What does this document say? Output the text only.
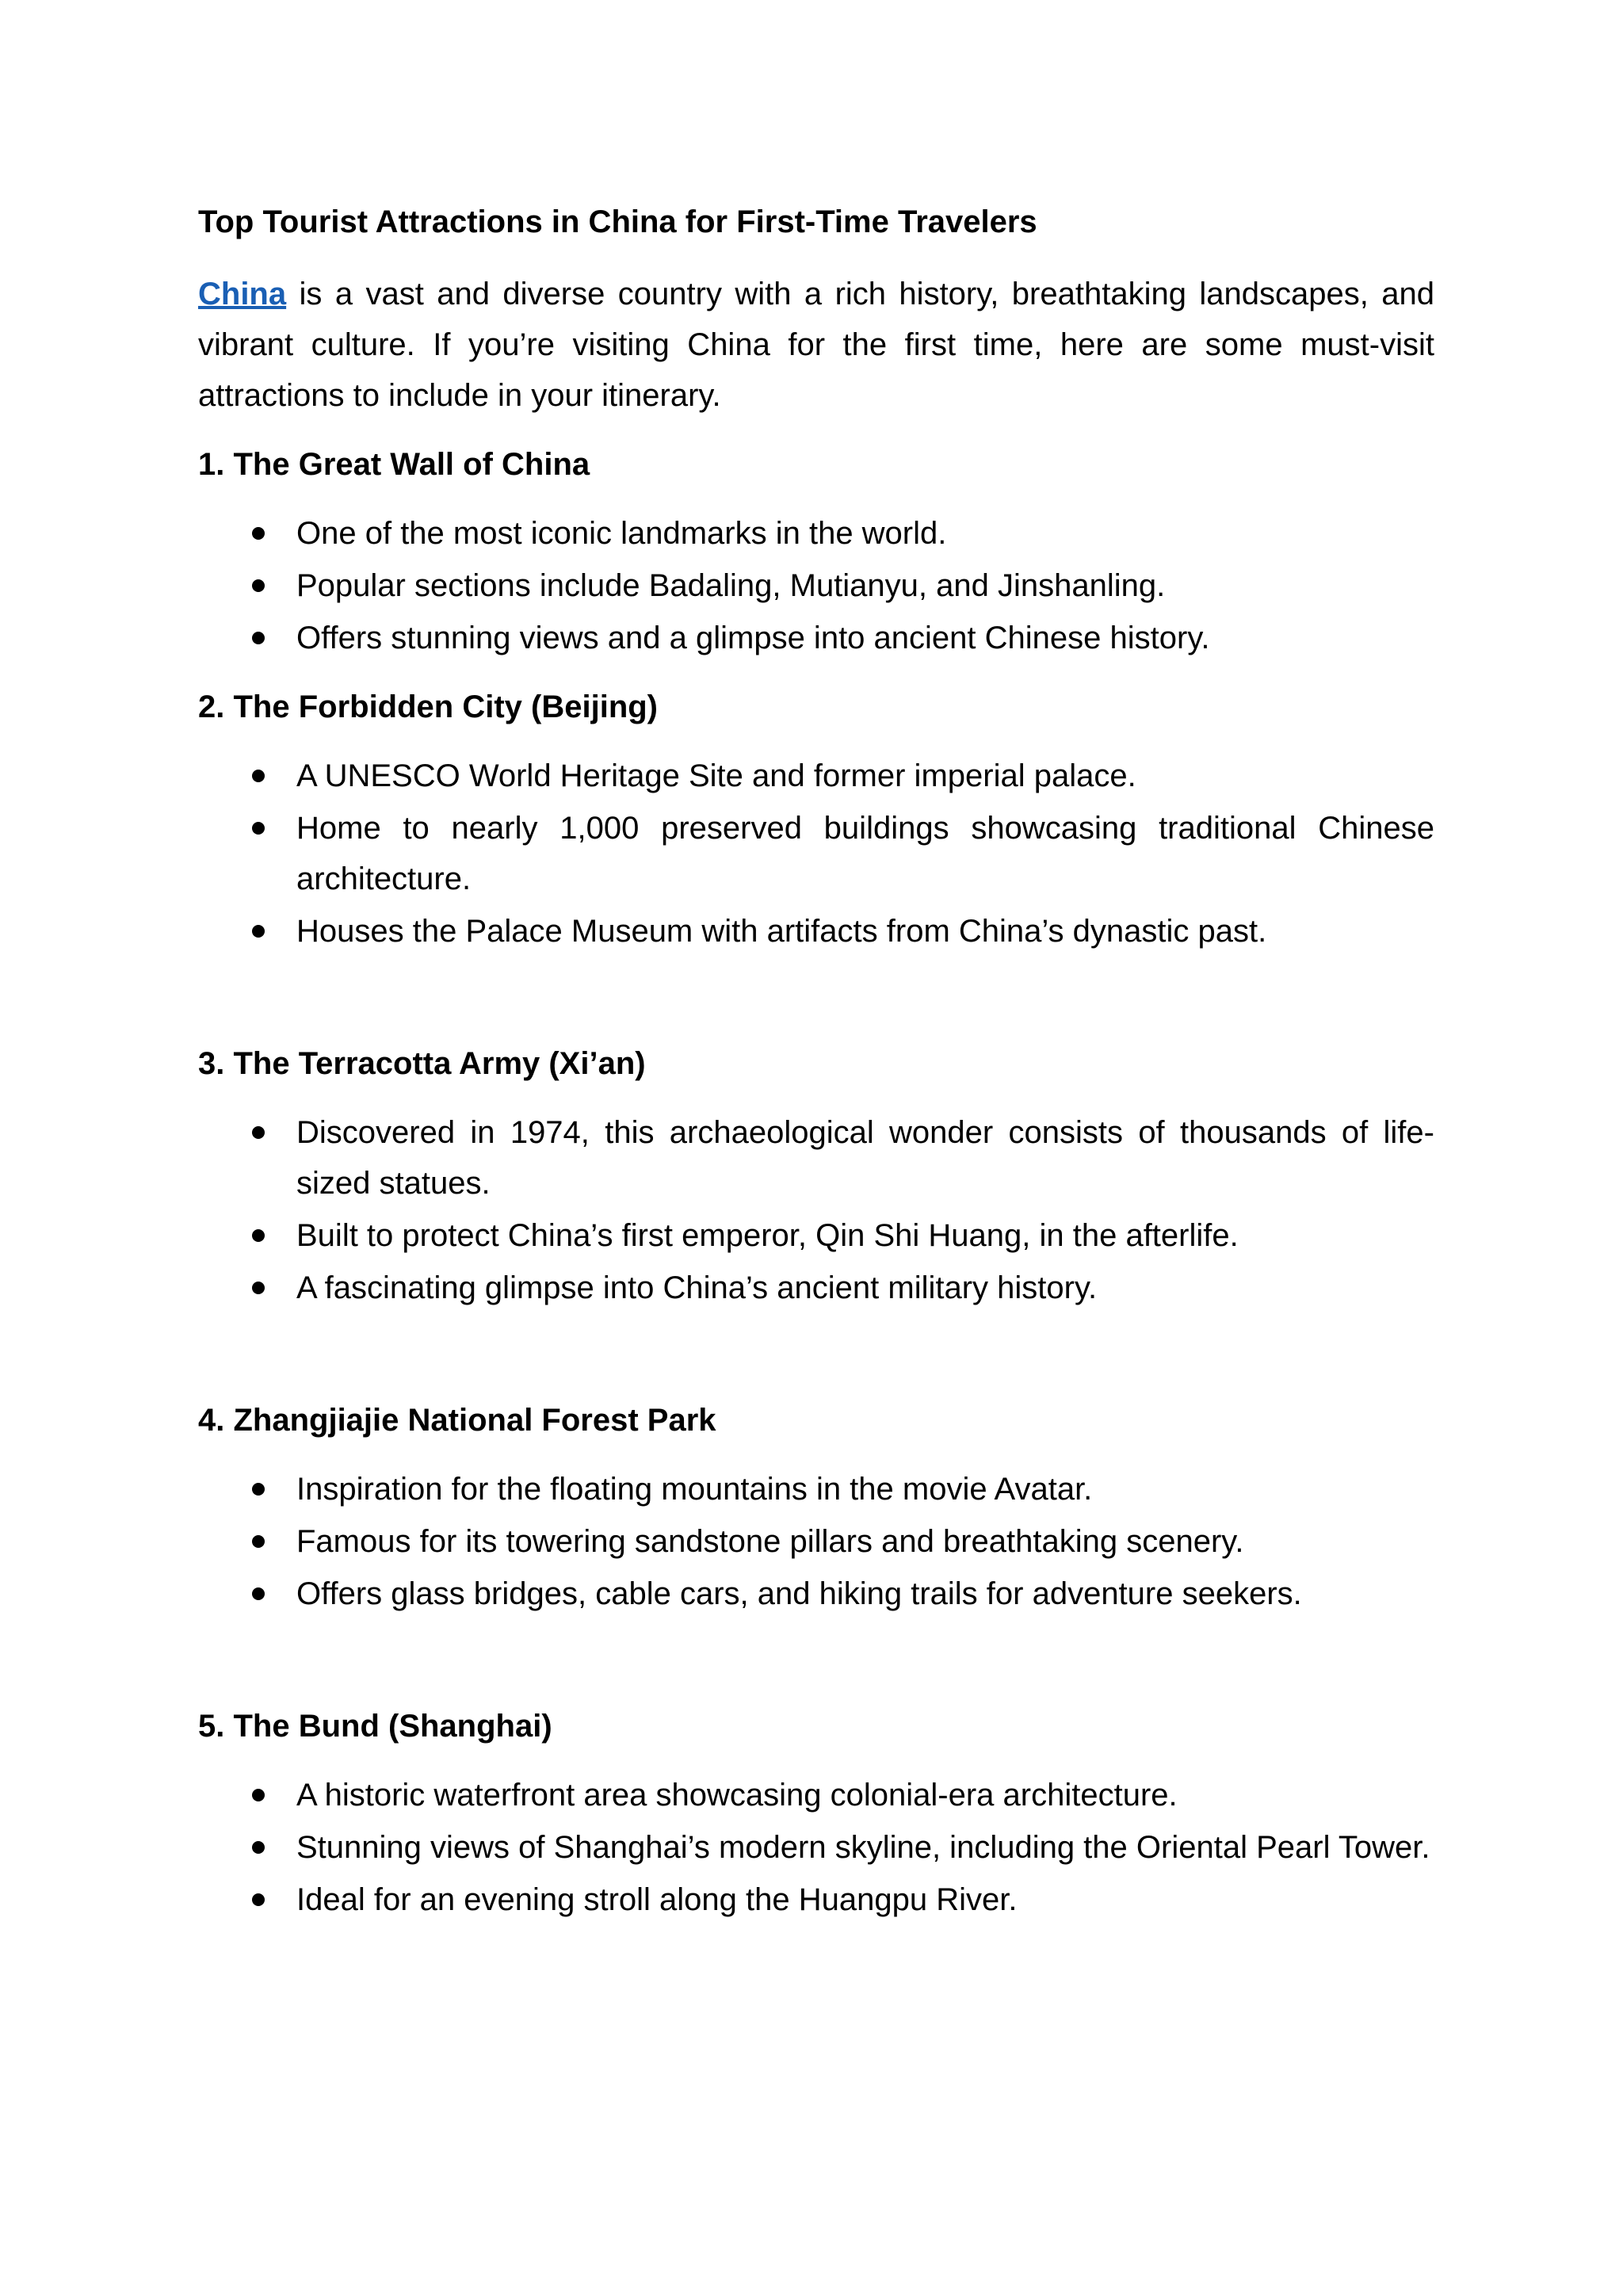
Top Tourist Attractions in China for First-Time Travelers

China is a vast and diverse country with a rich history, breathtaking landscapes, and vibrant culture. If you’re visiting China for the first time, here are some must-visit attractions to include in your itinerary.

1. The Great Wall of China
One of the most iconic landmarks in the world.
Popular sections include Badaling, Mutianyu, and Jinshanling.
Offers stunning views and a glimpse into ancient Chinese history.
2. The Forbidden City (Beijing)
A UNESCO World Heritage Site and former imperial palace.
Home to nearly 1,000 preserved buildings showcasing traditional Chinese architecture.
Houses the Palace Museum with artifacts from China’s dynastic past.
3. The Terracotta Army (Xi’an)
Discovered in 1974, this archaeological wonder consists of thousands of life-sized statues.
Built to protect China’s first emperor, Qin Shi Huang, in the afterlife.
A fascinating glimpse into China’s ancient military history.
4. Zhangjiajie National Forest Park
Inspiration for the floating mountains in the movie Avatar.
Famous for its towering sandstone pillars and breathtaking scenery.
Offers glass bridges, cable cars, and hiking trails for adventure seekers.
5. The Bund (Shanghai)
A historic waterfront area showcasing colonial-era architecture.
Stunning views of Shanghai’s modern skyline, including the Oriental Pearl Tower.
Ideal for an evening stroll along the Huangpu River.
